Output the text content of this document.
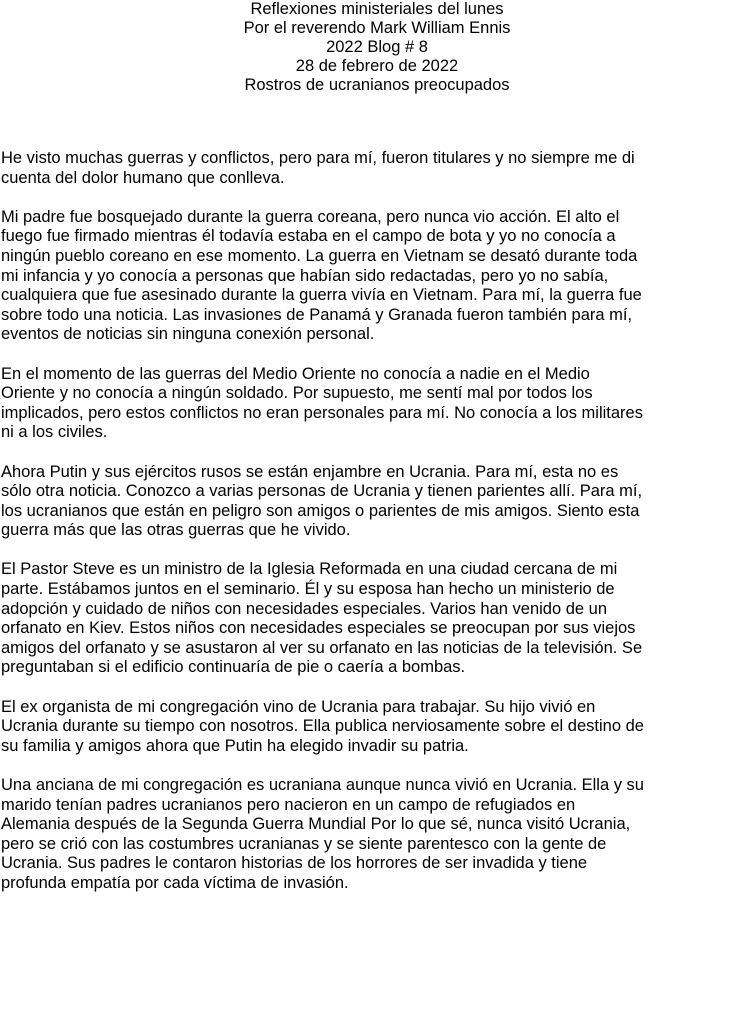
Reflexiones ministeriales del lunes
Por el reverendo Mark William Ennis
2022 Blog # 8
28 de febrero de 2022
Rostros de ucranianos preocupados

He visto muchas guerras y conflictos, pero para mí, fueron titulares y no siempre me di
cuenta del dolor humano que conlleva.

Mi padre fue bosquejado durante la guerra coreana, pero nunca vio acción. El alto el
fuego fue firmado mientras él todavía estaba en el campo de bota y yo no conocía a
ningún pueblo coreano en ese momento. La guerra en Vietnam se desató durante toda
mi infancia y yo conocía a personas que habían sido redactadas, pero yo no sabía,
cualquiera que fue asesinado durante la guerra vivía en Vietnam. Para mí, la guerra fue
sobre todo una noticia. Las invasiones de Panamá y Granada fueron también para mí,
eventos de noticias sin ninguna conexión personal.

En el momento de las guerras del Medio Oriente no conocía a nadie en el Medio
Oriente y no conocía a ningún soldado. Por supuesto, me sentí mal por todos los
implicados, pero estos conflictos no eran personales para mí. No conocía a los militares
ni a los civiles.

Ahora Putin y sus ejércitos rusos se están enjambre en Ucrania. Para mí, esta no es
sólo otra noticia. Conozco a varias personas de Ucrania y tienen parientes allí. Para mí,
los ucranianos que están en peligro son amigos o parientes de mis amigos. Siento esta
guerra más que las otras guerras que he vivido.

El Pastor Steve es un ministro de la Iglesia Reformada en una ciudad cercana de mi
parte. Estábamos juntos en el seminario. Él y su esposa han hecho un ministerio de
adopción y cuidado de niños con necesidades especiales. Varios han venido de un
orfanato en Kiev. Estos niños con necesidades especiales se preocupan por sus viejos
amigos del orfanato y se asustaron al ver su orfanato en las noticias de la televisión. Se
preguntaban si el edificio continuaría de pie o caería a bombas.

El ex organista de mi congregación vino de Ucrania para trabajar. Su hijo vivió en
Ucrania durante su tiempo con nosotros. Ella publica nerviosamente sobre el destino de
su familia y amigos ahora que Putin ha elegido invadir su patria.

Una anciana de mi congregación es ucraniana aunque nunca vivió en Ucrania. Ella y su
marido tenían padres ucranianos pero nacieron en un campo de refugiados en
Alemania después de la Segunda Guerra Mundial Por lo que sé, nunca visitó Ucrania,
pero se crió con las costumbres ucranianas y se siente parentesco con la gente de
Ucrania. Sus padres le contaron historias de los horrores de ser invadida y tiene
profunda empatía por cada víctima de invasión.
